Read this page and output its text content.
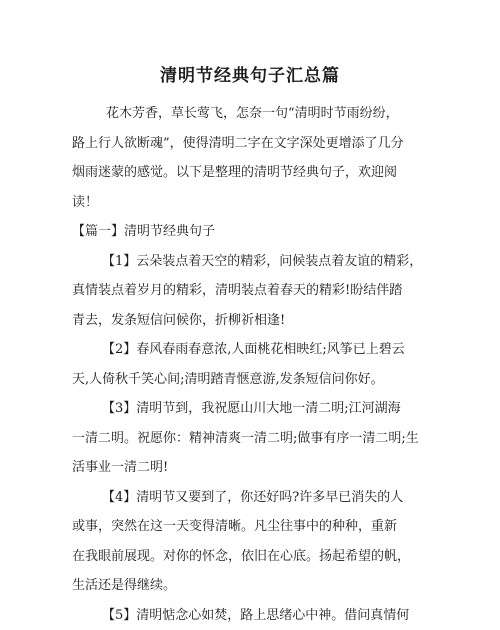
清明节经典句子汇总篇

花木芳香，草长莺飞，怎奈一句“清明时节雨纷纷，
路上行人欲断魂”，使得清明二字在文字深处更增添了几分
烟雨迷蒙的感觉。以下是整理的清明节经典句子，欢迎阅
读！

【篇一】清明节经典句子

【1】云朵装点着天空的精彩，问候装点着友谊的精彩，
真情装点着岁月的精彩，清明装点着春天的精彩!盼结伴踏
青去，发条短信问候你，折柳祈相逢!

【2】春风春雨春意浓,人面桃花相映红;风筝已上碧云
天,人倚秋千笑心间;清明踏青惬意游,发条短信问你好。

【3】清明节到，我祝愿山川大地一清二明;江河湖海
一清二明。祝愿你：精神清爽一清二明;做事有序一清二明;生
活事业一清二明!

【4】清明节又要到了，你还好吗?许多早已消失的人
或事，突然在这一天变得清晰。凡尘往事中的种种，重新
在我眼前展现。对你的怀念，依旧在心底。扬起希望的帆，
生活还是得继续。

【5】清明惦念心如焚，路上思绪心中神。借问真情何
